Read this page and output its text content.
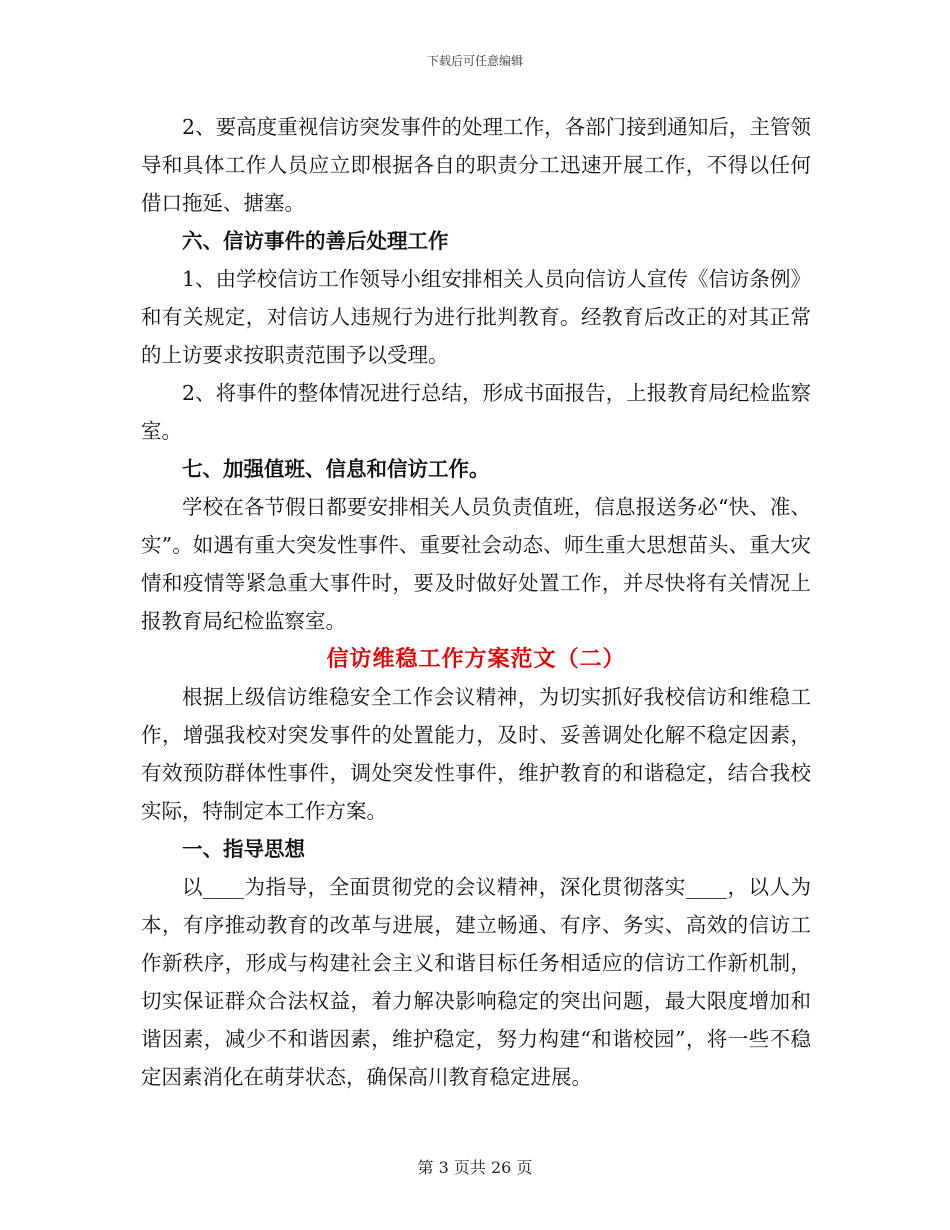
下载后可任意编辑

2、要高度重视信访突发事件的处理工作，各部门接到通知后，主管领导和具体工作人员应立即根据各自的职责分工迅速开展工作，不得以任何借口拖延、搪塞。

六、信访事件的善后处理工作

1、由学校信访工作领导小组安排相关人员向信访人宣传《信访条例》和有关规定，对信访人违规行为进行批判教育。经教育后改正的对其正常的上访要求按职责范围予以受理。

2、将事件的整体情况进行总结，形成书面报告，上报教育局纪检监察室。

七、加强值班、信息和信访工作。

学校在各节假日都要安排相关人员负责值班，信息报送务必“快、准、实”。如遇有重大突发性事件、重要社会动态、师生重大思想苗头、重大灾情和疫情等紧急重大事件时，要及时做好处置工作，并尽快将有关情况上报教育局纪检监察室。

信访维稳工作方案范文（二）

根据上级信访维稳安全工作会议精神，为切实抓好我校信访和维稳工作，增强我校对突发事件的处置能力，及时、妥善调处化解不稳定因素，有效预防群体性事件，调处突发性事件，维护教育的和谐稳定，结合我校实际，特制定本工作方案。

一、指导思想

以____为指导，全面贯彻党的会议精神，深化贯彻落实____，以人为本，有序推动教育的改革与进展，建立畅通、有序、务实、高效的信访工作新秩序，形成与构建社会主义和谐目标任务相适应的信访工作新机制，切实保证群众合法权益，着力解决影响稳定的突出问题，最大限度增加和谐因素，减少不和谐因素，维护稳定，努力构建“和谐校园”，将一些不稳定因素消化在萌芽状态，确保高川教育稳定进展。

第 3 页共 26 页
